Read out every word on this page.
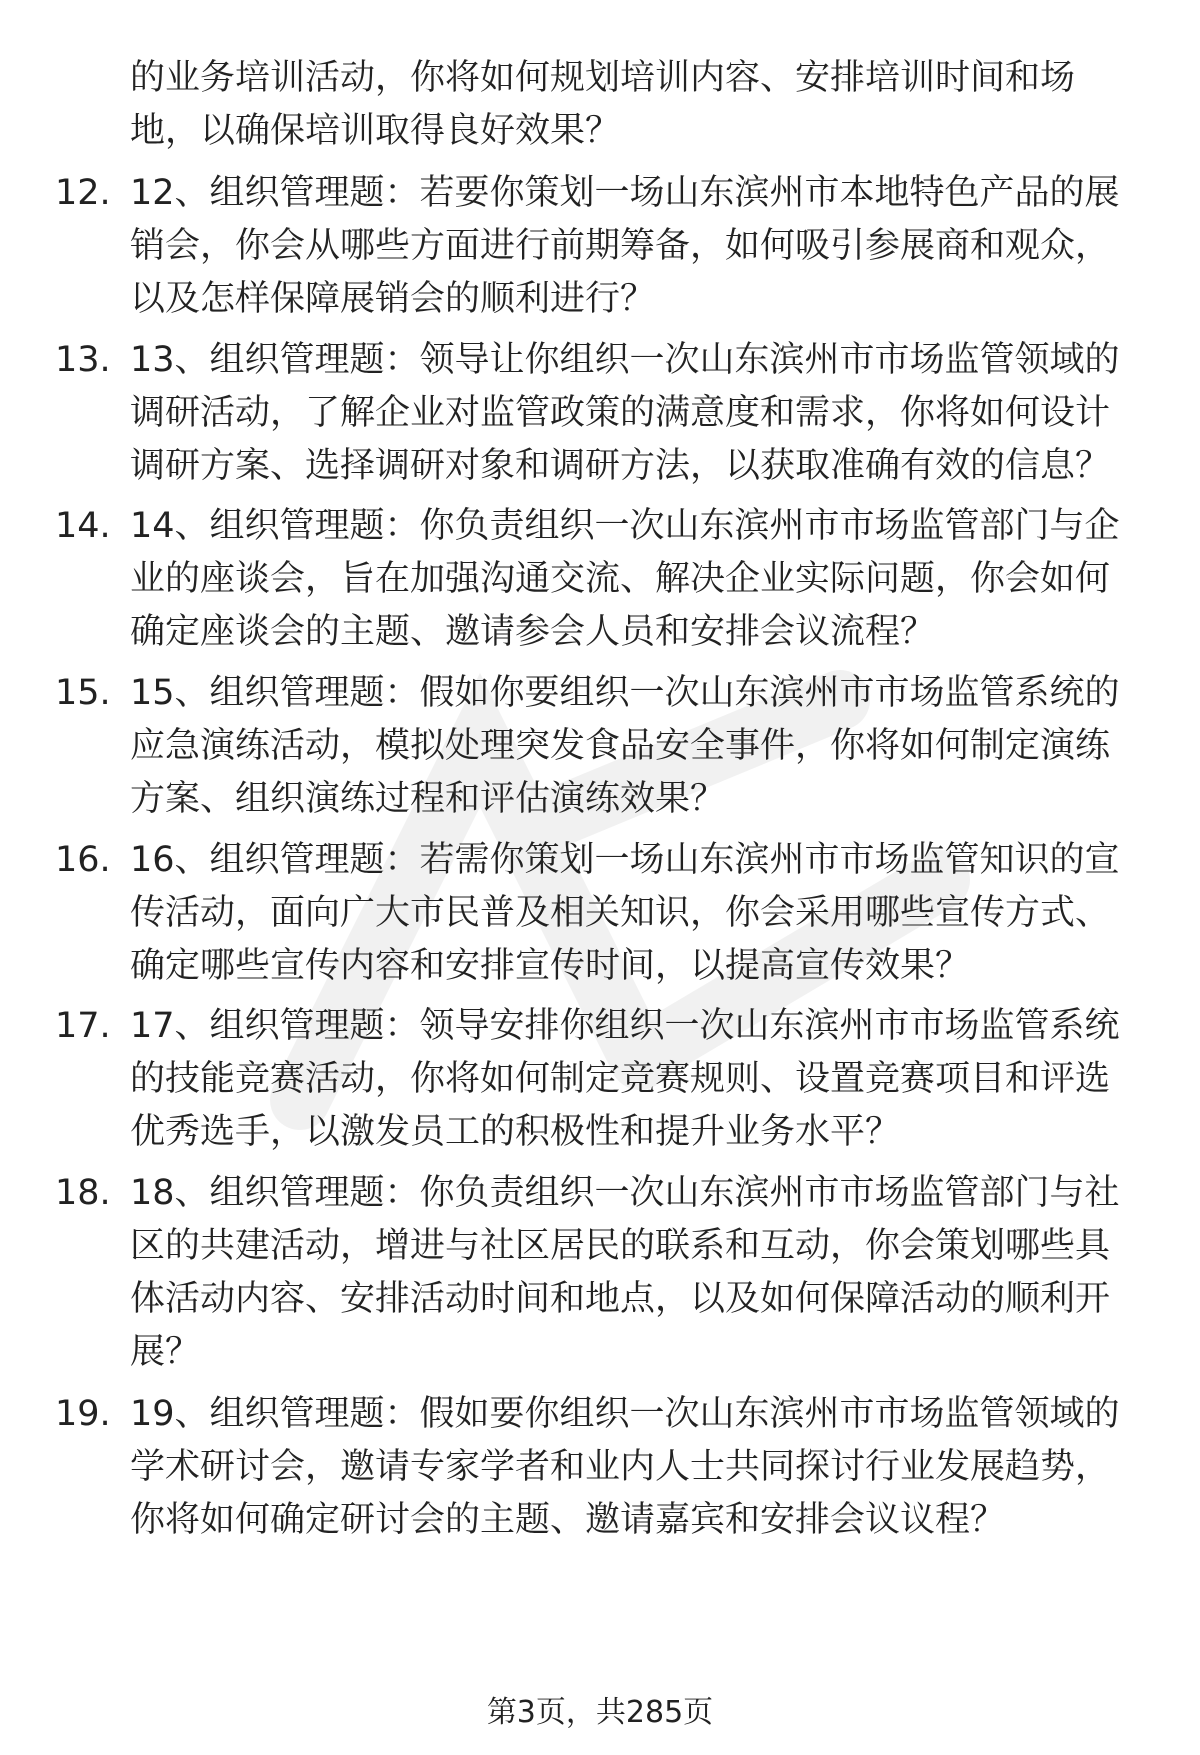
的业务培训活动，你将如何规划培训内容、安排培训时间和场
地，以确保培训取得良好效果？
12. 12、组织管理题：若要你策划一场山东滨州市本地特色产品的展
销会，你会从哪些方面进行前期筹备，如何吸引参展商和观众，
以及怎样保障展销会的顺利进行？
13. 13、组织管理题：领导让你组织一次山东滨州市市场监管领域的
调研活动，了解企业对监管政策的满意度和需求，你将如何设计
调研方案、选择调研对象和调研方法，以获取准确有效的信息？
14. 14、组织管理题：你负责组织一次山东滨州市市场监管部门与企
业的座谈会，旨在加强沟通交流、解决企业实际问题，你会如何
确定座谈会的主题、邀请参会人员和安排会议流程？
15. 15、组织管理题：假如你要组织一次山东滨州市市场监管系统的
应急演练活动，模拟处理突发食品安全事件，你将如何制定演练
方案、组织演练过程和评估演练效果？
16. 16、组织管理题：若需你策划一场山东滨州市市场监管知识的宣
传活动，面向广大市民普及相关知识，你会采用哪些宣传方式、
确定哪些宣传内容和安排宣传时间，以提高宣传效果？
17. 17、组织管理题：领导安排你组织一次山东滨州市市场监管系统
的技能竞赛活动，你将如何制定竞赛规则、设置竞赛项目和评选
优秀选手，以激发员工的积极性和提升业务水平？
18. 18、组织管理题：你负责组织一次山东滨州市市场监管部门与社
区的共建活动，增进与社区居民的联系和互动，你会策划哪些具
体活动内容、安排活动时间和地点，以及如何保障活动的顺利开
展？
19. 19、组织管理题：假如要你组织一次山东滨州市市场监管领域的
学术研讨会，邀请专家学者和业内人士共同探讨行业发展趋势，
你将如何确定研讨会的主题、邀请嘉宾和安排会议议程？
第3页，共285页
